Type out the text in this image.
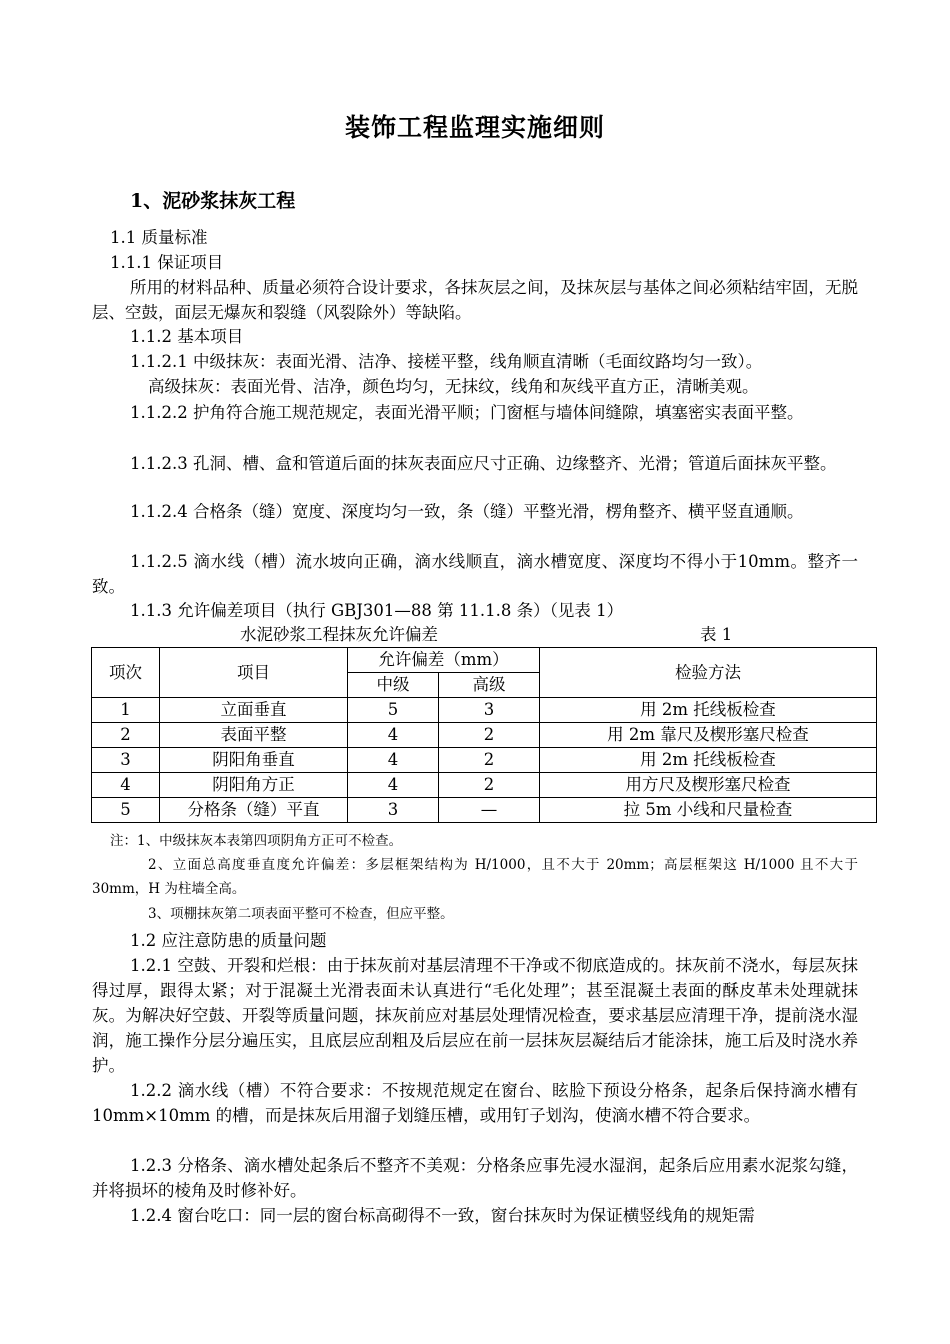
装饰工程监理实施细则
1、泥砂浆抹灰工程
1.1 质量标准
1.1.1 保证项目
所用的材料品种、质量必须符合设计要求，各抹灰层之间，及抹灰层与基体之间必须粘结牢固，无脱层、空鼓，面层无爆灰和裂缝（风裂除外）等缺陷。
1.1.2 基本项目
1.1.2.1 中级抹灰：表面光滑、洁净、接槎平整，线角顺直清晰（毛面纹路均匀一致）。
高级抹灰：表面光骨、洁净，颜色均匀，无抹纹，线角和灰线平直方正，清晰美观。
1.1.2.2 护角符合施工规范规定，表面光滑平顺；门窗框与墙体间缝隙，填塞密实表面平整。
1.1.2.3 孔洞、槽、盒和管道后面的抹灰表面应尺寸正确、边缘整齐、光滑；管道后面抹灰平整。
1.1.2.4 合格条（缝）宽度、深度均匀一致，条（缝）平整光滑，楞角整齐、横平竖直通顺。
1.1.2.5 滴水线（槽）流水坡向正确，滴水线顺直，滴水槽宽度、深度均不得小于10mm。整齐一致。
1.1.3 允许偏差项目（执行 GBJ301—88 第 11.1.8 条）（见表 1）
水泥砂浆工程抹灰允许偏差	表 1
项次	项目	允许偏差（mm）		检验方法
		中级	高级	
1	立面垂直	5	3	用 2m 托线板检查
2	表面平整	4	2	用 2m 靠尺及楔形塞尺检查
3	阴阳角垂直	4	2	用 2m 托线板检查
4	阴阳角方正	4	2	用方尺及楔形塞尺检查
5	分格条（缝）平直	3	—	拉 5m 小线和尺量检查
注：1、中级抹灰本表第四项阴角方正可不检查。
2、立面总高度垂直度允许偏差：多层框架结构为 H/1000，且不大于 20mm；高层框架这 H/1000 且不大于 30mm，H 为柱墙全高。
3、项棚抹灰第二项表面平整可不检查，但应平整。
1.2 应注意防患的质量问题
1.2.1 空鼓、开裂和烂根：由于抹灰前对基层清理不干净或不彻底造成的。抹灰前不浇水，每层灰抹得过厚，跟得太紧；对于混凝土光滑表面未认真进行“毛化处理”；甚至混凝土表面的酥皮革未处理就抹灰。为解决好空鼓、开裂等质量问题，抹灰前应对基层处理情况检查，要求基层应清理干净，提前浇水湿润，施工操作分层分遍压实，且底层应刮粗及后层应在前一层抹灰层凝结后才能涂抹，施工后及时浇水养护。
1.2.2 滴水线（槽）不符合要求：不按规范规定在窗台、眩脸下预设分格条，起条后保持滴水槽有 10mm×10mm 的槽，而是抹灰后用溜子划缝压槽，或用钉子划沟，使滴水槽不符合要求。
1.2.3 分格条、滴水槽处起条后不整齐不美观：分格条应事先浸水湿润，起条后应用素水泥浆勾缝，并将损坏的棱角及时修补好。
1.2.4 窗台吃口：同一层的窗台标高砌得不一致，窗台抹灰时为保证横竖线角的规矩需
